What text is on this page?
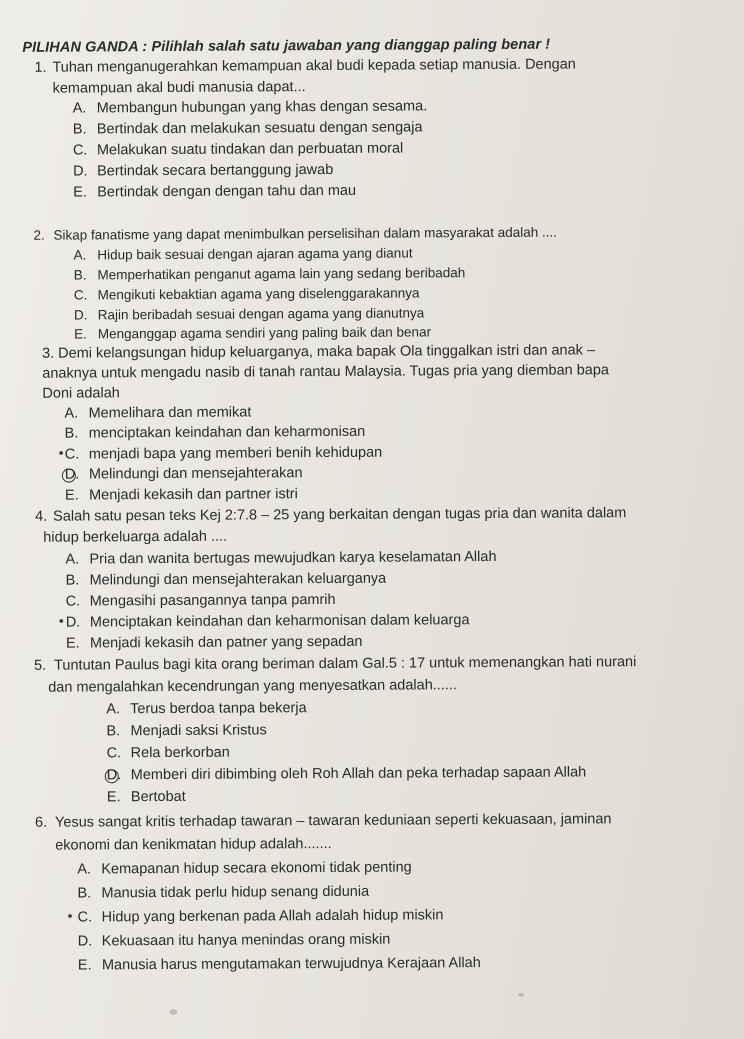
PILIHAN GANDA : Pilihlah salah satu jawaban yang dianggap paling benar !
1. Tuhan menganugerahkan kemampuan akal budi kepada setiap manusia. Dengan
kemampuan akal budi manusia dapat...
A. Membangun hubungan yang khas dengan sesama.
B. Bertindak dan melakukan sesuatu dengan sengaja
C. Melakukan suatu tindakan dan perbuatan moral
D. Bertindak secara bertanggung jawab
E. Bertindak dengan dengan tahu dan mau
2. Sikap fanatisme yang dapat menimbulkan perselisihan dalam masyarakat adalah ....
A. Hidup baik sesuai dengan ajaran agama yang dianut
B. Memperhatikan penganut agama lain yang sedang beribadah
C. Mengikuti kebaktian agama yang diselenggarakannya
D. Rajin beribadah sesuai dengan agama yang dianutnya
E. Menganggap agama sendiri yang paling baik dan benar
3. Demi kelangsungan hidup keluarganya, maka bapak Ola tinggalkan istri dan anak –
anaknya untuk mengadu nasib di tanah rantau Malaysia. Tugas pria yang diemban bapa
Doni adalah
A. Memelihara dan memikat
B. menciptakan keindahan dan keharmonisan
• C. menjadi bapa yang memberi benih kehidupan
D. Melindungi dan mensejahterakan
E. Menjadi kekasih dan partner istri
4. Salah satu pesan teks Kej 2:7.8 – 25 yang berkaitan dengan tugas pria dan wanita dalam
hidup berkeluarga adalah ....
A. Pria dan wanita bertugas mewujudkan karya keselamatan Allah
B. Melindungi dan mensejahterakan keluarganya
C. Mengasihi pasangannya tanpa pamrih
• D. Menciptakan keindahan dan keharmonisan dalam keluarga
E. Menjadi kekasih dan patner yang sepadan
5. Tuntutan Paulus bagi kita orang beriman dalam Gal.5 : 17 untuk memenangkan hati nurani
dan mengalahkan kecendrungan yang menyesatkan adalah......
A. Terus berdoa tanpa bekerja
B. Menjadi saksi Kristus
C. Rela berkorban
D. Memberi diri dibimbing oleh Roh Allah dan peka terhadap sapaan Allah
E. Bertobat
6. Yesus sangat kritis terhadap tawaran – tawaran keduniaan seperti kekuasaan, jaminan
ekonomi dan kenikmatan hidup adalah.......
A. Kemapanan hidup secara ekonomi tidak penting
B. Manusia tidak perlu hidup senang didunia
• C. Hidup yang berkenan pada Allah adalah hidup miskin
D. Kekuasaan itu hanya menindas orang miskin
E. Manusia harus mengutamakan terwujudnya Kerajaan Allah
